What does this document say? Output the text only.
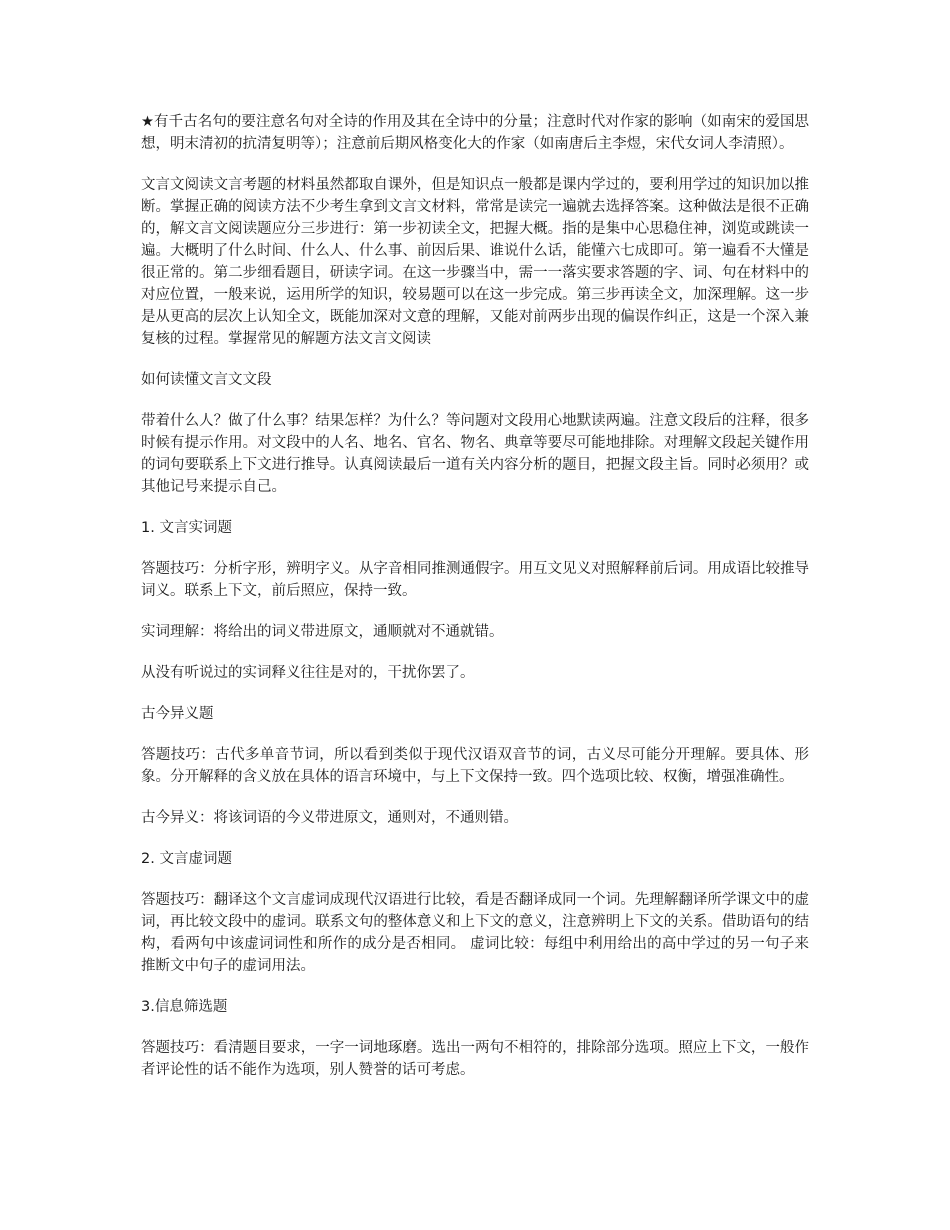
★有千古名句的要注意名句对全诗的作用及其在全诗中的分量；注意时代对作家的影响（如南宋的爱国思想，明末清初的抗清复明等）；注意前后期风格变化大的作家（如南唐后主李煜，宋代女词人李清照）。

文言文阅读文言考题的材料虽然都取自课外，但是知识点一般都是课内学过的，要利用学过的知识加以推断。掌握正确的阅读方法不少考生拿到文言文材料，常常是读完一遍就去选择答案。这种做法是很不正确的，解文言文阅读题应分三步进行：第一步初读全文，把握大概。指的是集中心思稳住神，浏览或跳读一遍。大概明了什么时间、什么人、什么事、前因后果、谁说什么话，能懂六七成即可。第一遍看不大懂是很正常的。第二步细看题目，研读字词。在这一步骤当中，需一一落实要求答题的字、词、句在材料中的对应位置，一般来说，运用所学的知识，较易题可以在这一步完成。第三步再读全文，加深理解。这一步是从更高的层次上认知全文，既能加深对文意的理解，又能对前两步出现的偏误作纠正，这是一个深入兼复核的过程。掌握常见的解题方法文言文阅读

如何读懂文言文文段

带着什么人？做了什么事？结果怎样？为什么？等问题对文段用心地默读两遍。注意文段后的注释，很多时候有提示作用。对文段中的人名、地名、官名、物名、典章等要尽可能地排除。对理解文段起关键作用的词句要联系上下文进行推导。认真阅读最后一道有关内容分析的题目，把握文段主旨。同时必须用？或其他记号来提示自己。

1. 文言实词题

答题技巧：分析字形，辨明字义。从字音相同推测通假字。用互文见义对照解释前后词。用成语比较推导词义。联系上下文，前后照应，保持一致。

实词理解：将给出的词义带进原文，通顺就对不通就错。

从没有听说过的实词释义往往是对的，干扰你罢了。

古今异义题

答题技巧：古代多单音节词，所以看到类似于现代汉语双音节的词，古义尽可能分开理解。要具体、形象。分开解释的含义放在具体的语言环境中，与上下文保持一致。四个选项比较、权衡，增强准确性。

古今异义：将该词语的今义带进原文，通则对，不通则错。

2. 文言虚词题

答题技巧：翻译这个文言虚词成现代汉语进行比较，看是否翻译成同一个词。先理解翻译所学课文中的虚词，再比较文段中的虚词。联系文句的整体意义和上下文的意义，注意辨明上下文的关系。借助语句的结构，看两句中该虚词词性和所作的成分是否相同。 虚词比较：每组中利用给出的高中学过的另一句子来推断文中句子的虚词用法。

3.信息筛选题

答题技巧：看清题目要求，一字一词地琢磨。选出一两句不相符的，排除部分选项。照应上下文，一般作者评论性的话不能作为选项，别人赞誉的话可考虑。
